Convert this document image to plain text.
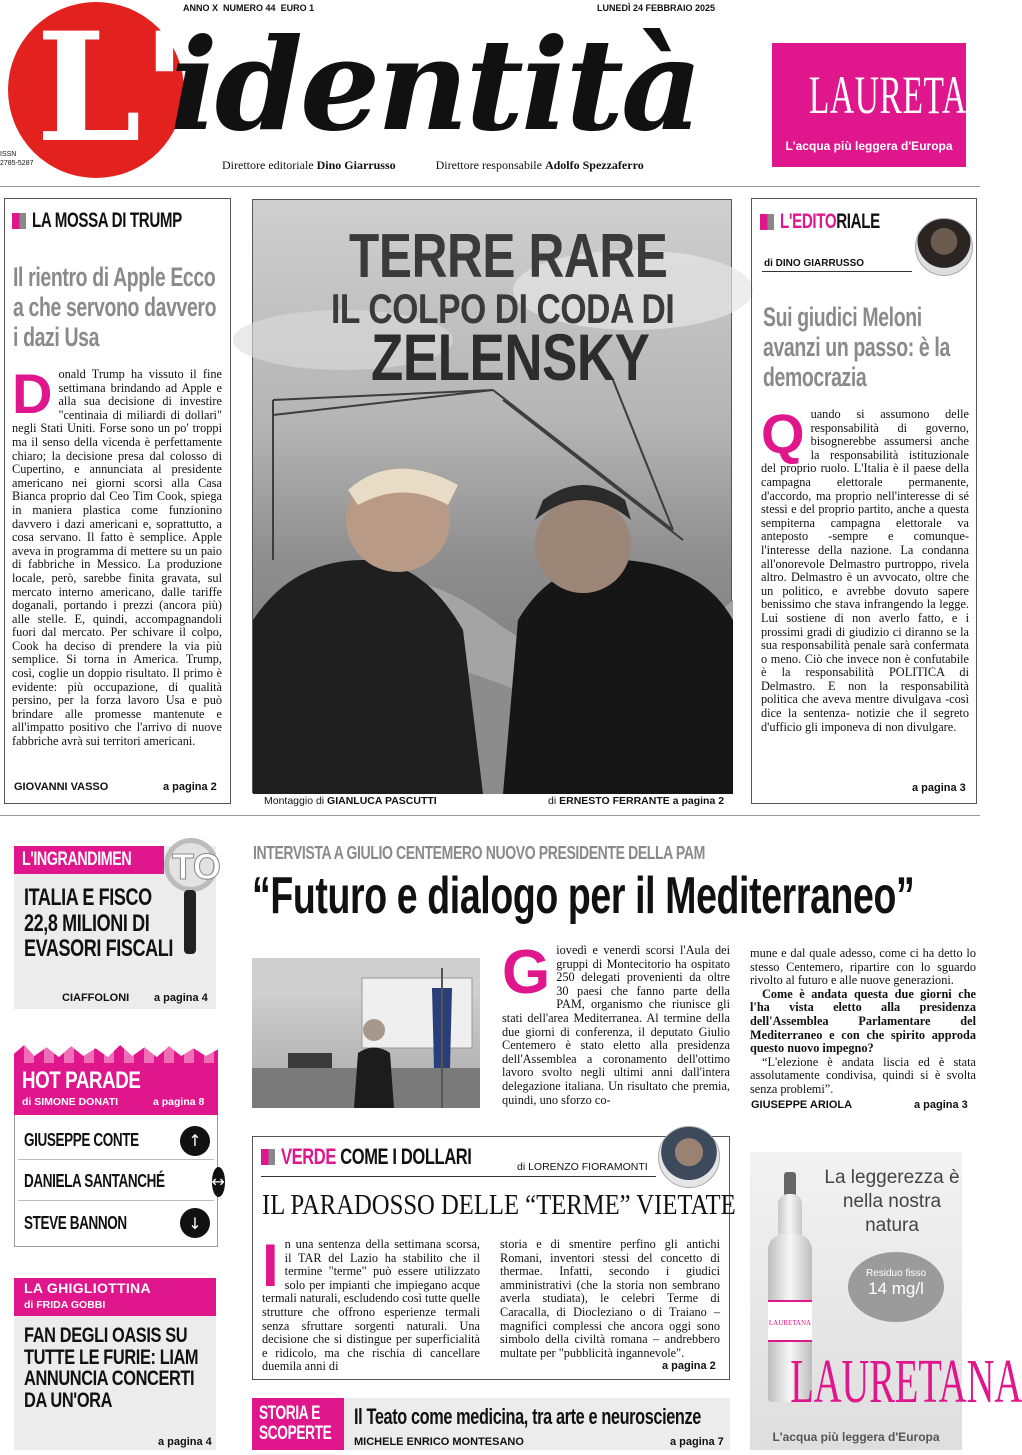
ANNO X NUMERO 44 EURO 1	LUNEDÌ 24 FEBBRAIO 2025
L'
identità
ISSN
2785-5287	Direttore editoriale Dino Giarrusso	Direttore responsabile Adolfo Spezzaferro
LAURETANA
L'acqua più leggera d'Europa
LA MOSSA DI TRUMP
Il rientro di Apple Ecco a che servono davvero i dazi Usa
Donald Trump ha vissuto il fine settimana brindando ad Apple e alla sua decisione di investire "centinaia di miliardi di dollari" negli Stati Uniti. Forse sono un po' troppi ma il senso della vicenda è perfettamente chiaro; la decisione presa dal colosso di Cupertino, e annunciata al presidente americano nei giorni scorsi alla Casa Bianca proprio dal Ceo Tim Cook, spiega in maniera plastica come funzionino davvero i dazi americani e, soprattutto, a cosa servano. Il fatto è semplice. Apple aveva in programma di mettere su un paio di fabbriche in Messico. La produzione locale, però, sarebbe finita gravata, sul mercato interno americano, dalle tariffe doganali, portando i prezzi (ancora più) alle stelle. E, quindi, accompagnandoli fuori dal mercato. Per schivare il colpo, Cook ha deciso di prendere la via più semplice. Si torna in America. Trump, così, coglie un doppio risultato. Il primo è evidente: più occupazione, di qualità persino, per la forza lavoro Usa e può brindare alle promesse mantenute e all'impatto positivo che l'arrivo di nuove fabbriche avrà sui territori americani.
GIOVANNI VASSO	a pagina 2
TERRE RARE
IL COLPO DI CODA DI
ZELENSKY
Montaggio di GIANLUCA PASCUTTI	di ERNESTO FERRANTE a pagina 2
L'EDITORIALE
di DINO GIARRUSSO
Sui giudici Meloni avanzi un passo: è la democrazia
Quando si assumono delle responsabilità di governo, bisognerebbe assumersi anche la responsabilità istituzionale del proprio ruolo. L'Italia è il paese della campagna elettorale permanente, d'accordo, ma proprio nell'interesse di sé stessi e del proprio partito, anche a questa sempiterna campagna elettorale va anteposto -sempre e comunque- l'interesse della nazione. La condanna all'onorevole Delmastro purtroppo, rivela altro. Delmastro è un avvocato, oltre che un politico, e avrebbe dovuto sapere benissimo che stava infrangendo la legge. Lui sostiene di non averlo fatto, e i prossimi gradi di giudizio ci diranno se la sua responsabilità penale sarà confermata o meno. Ciò che invece non è confutabile è la responsabilità POLITICA di Delmastro. E non la responsabilità politica che aveva mentre divulgava -così dice la sentenza- notizie che il segreto d'ufficio gli imponeva di non divulgare.
a pagina 3
L'INGRANDIMEN TO
ITALIA E FISCO 22,8 MILIONI DI EVASORI FISCALI
CIAFFOLONI a pagina 4
HOT PARADE
di SIMONE DONATI	a pagina 8
GIUSEPPE CONTE	↑
DANIELA SANTANCHÉ	↔
STEVE BANNON	↓
LA GHIGLIOTTINA
di FRIDA GOBBI
FAN DEGLI OASIS SU TUTTE LE FURIE: LIAM ANNUNCIA CONCERTI DA UN'ORA
a pagina 4
INTERVISTA A GIULIO CENTEMERO NUOVO PRESIDENTE DELLA PAM
“Futuro e dialogo per il Mediterraneo”
Giovedì e venerdì scorsi l'Aula dei gruppi di Montecitorio ha ospitato 250 delegati provenienti da oltre 30 paesi che fanno parte della PAM, organismo che riunisce gli stati dell'area Mediterranea. Al termine della due giorni di conferenza, il deputato Giulio Centemero è stato eletto alla presidenza dell'Assemblea a coronamento dell'ottimo lavoro svolto negli ultimi anni dall'intera delegazione italiana. Un risultato che premia, quindi, uno sforzo co-
mune e dal quale adesso, come ci ha detto lo stesso Centemero, ripartire con lo sguardo rivolto al futuro e alle nuove generazioni.
Come è andata questa due giorni che l'ha vista eletto alla presidenza dell'Assemblea Parlamentare del Mediterraneo e con che spirito approda questo nuovo impegno?
“L'elezione è andata liscia ed è stata assolutamente condivisa, quindi si è svolta senza problemi”.
GIUSEPPE ARIOLA	a pagina 3
VERDE COME I DOLLARI	di LORENZO FIORAMONTI
IL PARADOSSO DELLE “TERME” VIETATE
In una sentenza della settimana scorsa, il TAR del Lazio ha stabilito che il termine "terme" può essere utilizzato solo per impianti che impiegano acque termali naturali, escludendo così tutte quelle strutture che offrono esperienze termali senza sfruttare sorgenti naturali. Una decisione che si distingue per superficialità e ridicolo, ma che rischia di cancellare duemila anni di
storia e di smentire perfino gli antichi Romani, inventori stessi del concetto di thermae. Infatti, secondo i giudici amministrativi (che la storia non sembrano averla studiata), le celebri Terme di Caracalla, di Diocleziano o di Traiano – magnifici complessi che ancora oggi sono simbolo della civiltà romana – andrebbero multate per "pubblicità ingannevole".
a pagina 2
STORIA E SCOPERTE
Il Teato come medicina, tra arte e neuroscienze
MICHELE ENRICO MONTESANO	a pagina 7
La leggerezza è nella nostra natura
LAURETANA
Residuo fisso
14 mg/l
LAURETANA
L'acqua più leggera d'Europa
